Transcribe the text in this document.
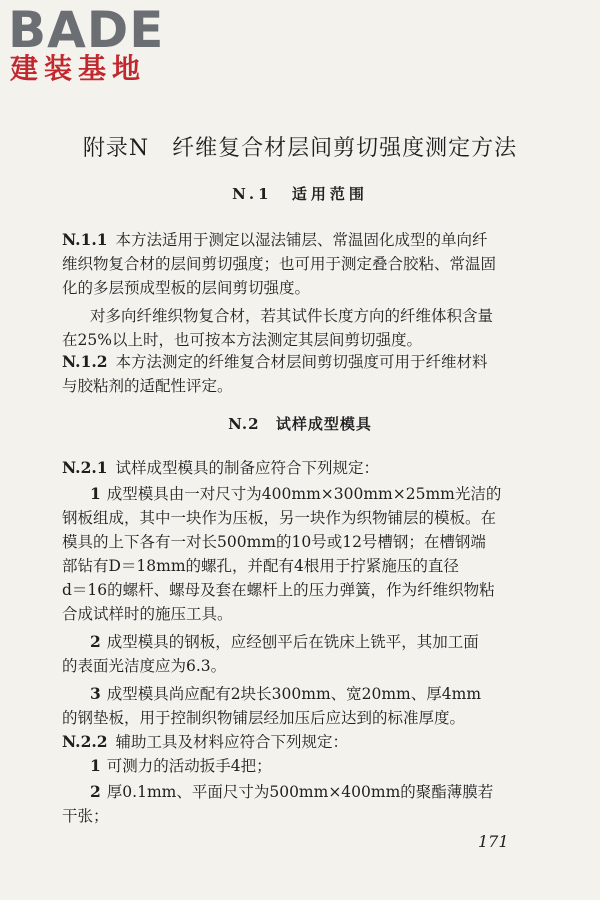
BADE
建装基地
附录N　纤维复合材层间剪切强度测定方法
N.1 适用范围
N.1.1 本方法适用于测定以湿法铺层、常温固化成型的单向纤
维织物复合材的层间剪切强度；也可用于测定叠合胶粘、常温固
化的多层预成型板的层间剪切强度。
对多向纤维织物复合材，若其试件长度方向的纤维体积含量
在25%以上时，也可按本方法测定其层间剪切强度。
N.1.2 本方法测定的纤维复合材层间剪切强度可用于纤维材料
与胶粘剂的适配性评定。
N.2 试样成型模具
N.2.1 试样成型模具的制备应符合下列规定：
1 成型模具由一对尺寸为400mm×300mm×25mm光洁的
钢板组成，其中一块作为压板，另一块作为织物铺层的模板。在
模具的上下各有一对长500mm的10号或12号槽钢；在槽钢端
部钻有D＝18mm的螺孔，并配有4根用于拧紧施压的直径
d＝16的螺杆、螺母及套在螺杆上的压力弹簧，作为纤维织物粘
合成试样时的施压工具。
2 成型模具的钢板，应经刨平后在铣床上铣平，其加工面
的表面光洁度应为6.3。
3 成型模具尚应配有2块长300mm、宽20mm、厚4mm
的钢垫板，用于控制织物铺层经加压后应达到的标准厚度。
N.2.2 辅助工具及材料应符合下列规定：
1 可测力的活动扳手4把；
2 厚0.1mm、平面尺寸为500mm×400mm的聚酯薄膜若
干张；
171
